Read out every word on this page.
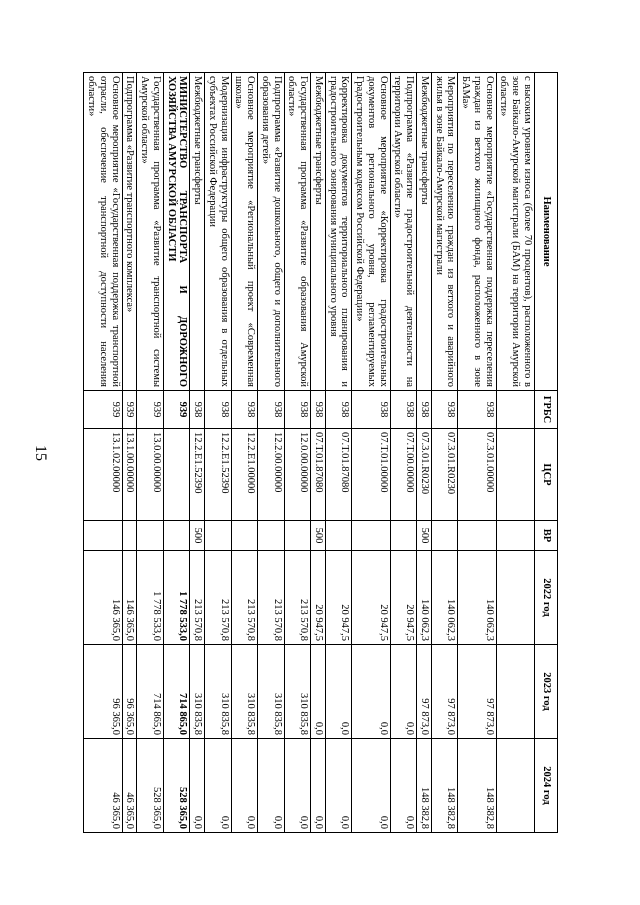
15
Наименование	ГРБС	ЦСР	ВР	2022 год	2023 год	2024 год
с высоким уровнем износа (более 70 процентов), расположенного в зоне Байкало-Амурской магистрали (БАМ) на территории Амурской области»						
Основное мероприятие «Государственная поддержка переселения граждан из ветхого жилищного фонда, расположенного в зоне БАМа»	938	07.3.01.00000		140 062,3	97 873,0	148 382,8
Мероприятия по переселению граждан из ветхого и аварийного жилья в зоне Байкало-Амурской магистрали	938	07.3.01.R0230		140 062,3	97 873,0	148 382,8
Межбюджетные трансферты	938	07.3.01.R0230	500	140 062,3	97 873,0	148 382,8
Подпрограмма «Развитие градостроительной деятельности на территории Амурской области»	938	07.Т.00.00000		20 947,5	0,0	0,0
Основное мероприятие «Корректировка градостроительных документов регионального уровня, регламентируемых Градостроительным кодексом Российской Федерации»	938	07.Т.01.00000		20 947,5	0,0	0,0
Корректировка документов территориального планирования и градостроительного зонирования муниципального уровня	938	07.Т.01.87080		20 947,5	0,0	0,0
Межбюджетные трансферты	938	07.Т.01.87080	500	20 947,5	0,0	0,0
Государственная программа «Развитие образования Амурской области»	938	12.0.00.00000		213 570,8	310 835,8	0,0
Подпрограмма «Развитие дошкольного, общего и дополнительного образования детей»	938	12.2.00.00000		213 570,8	310 835,8	0,0
Основное мероприятие «Региональный проект «Современная школа»	938	12.2.Е1.00000		213 570,8	310 835,8	0,0
Модернизация инфраструктуры общего образования в отдельных субъектах Российской Федерации	938	12.2.Е1.52390		213 570,8	310 835,8	0,0
Межбюджетные трансферты	938	12.2.Е1.52390	500	213 570,8	310 835,8	0,0
МИНИСТЕРСТВО ТРАНСПОРТА И ДОРОЖНОГО ХОЗЯЙСТВА АМУРСКОЙ ОБЛАСТИ	939			1 778 533,0	714 865,0	528 365,0
Государственная программа «Развитие транспортной системы Амурской области»	939	13.0.00.00000		1 778 533,0	714 865,0	528 365,0
Подпрограмма «Развитие транспортного комплекса»	939	13.1.00.00000		146 365,0	96 365,0	46 365,0
Основное мероприятие «Государственная поддержка транспортной отрасли, обеспечение транспортной доступности населения области»	939	13.1.02.00000		146 365,0	96 365,0	46 365,0
